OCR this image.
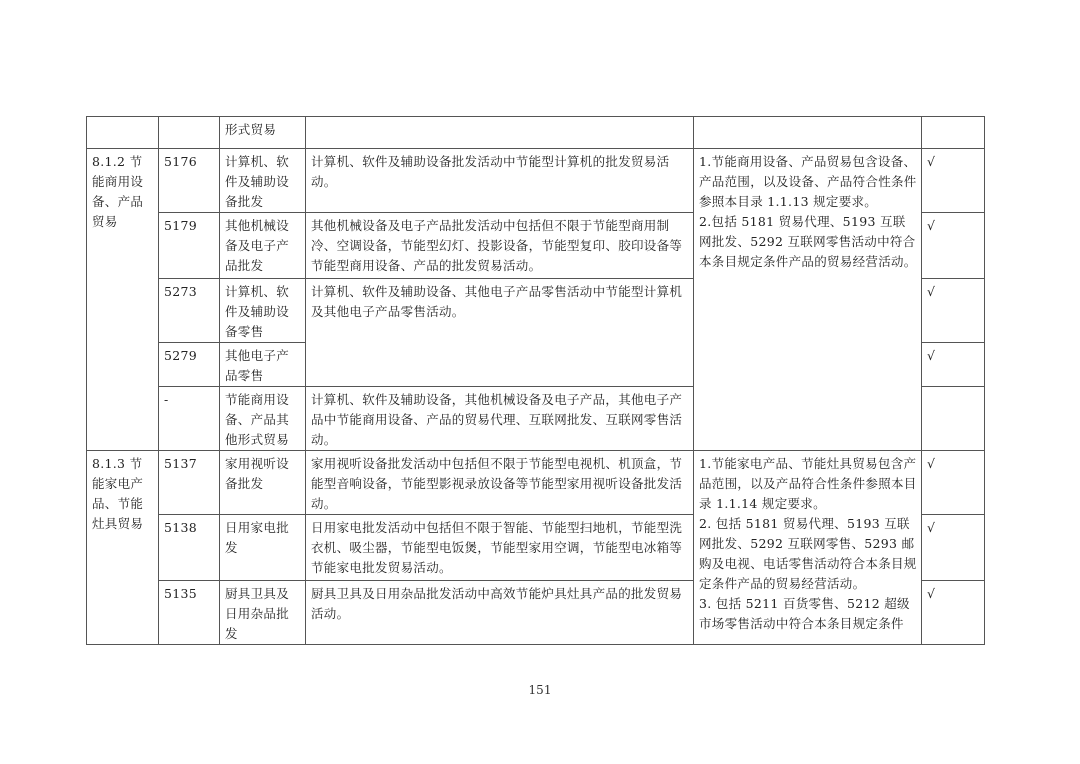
		形式贸易			
8.1.2 节能商用设备、产品贸易	5176	计算机、软件及辅助设备批发	计算机、软件及辅助设备批发活动中节能型计算机的批发贸易活动。	1.节能商用设备、产品贸易包含设备、产品范围，以及设备、产品符合性条件参照本目录 1.1.13 规定要求。

2.包括 5181 贸易代理、5193 互联网批发、5292 互联网零售活动中符合本条目规定条件产品的贸易经营活动。	√
	5179	其他机械设备及电子产品批发	其他机械设备及电子产品批发活动中包括但不限于节能型商用制冷、空调设备，节能型幻灯、投影设备，节能型复印、胶印设备等节能型商用设备、产品的批发贸易活动。		√
	5273	计算机、软件及辅助设备零售	计算机、软件及辅助设备、其他电子产品零售活动中节能型计算机及其他电子产品零售活动。		√
	5279	其他电子产品零售			√
	-	节能商用设备、产品其他形式贸易	计算机、软件及辅助设备，其他机械设备及电子产品，其他电子产品中节能商用设备、产品的贸易代理、互联网批发、互联网零售活动。		
8.1.3 节能家电产品、节能灶具贸易	5137	家用视听设备批发	家用视听设备批发活动中包括但不限于节能型电视机、机顶盒，节能型音响设备，节能型影视录放设备等节能型家用视听设备批发活动。	1.节能家电产品、节能灶具贸易包含产品范围，以及产品符合性条件参照本目录 1.1.14 规定要求。

2. 包括 5181 贸易代理、5193 互联网批发、5292 互联网零售、5293 邮购及电视、电话零售活动符合本条目规定条件产品的贸易经营活动。

3. 包括 5211 百货零售、5212 超级市场零售活动中符合本条目规定条件	√
	5138	日用家电批发	日用家电批发活动中包括但不限于智能、节能型扫地机，节能型洗衣机、吸尘器，节能型电饭煲，节能型家用空调，节能型电冰箱等节能家电批发贸易活动。		√
	5135	厨具卫具及日用杂品批发	厨具卫具及日用杂品批发活动中高效节能炉具灶具产品的批发贸易活动。		√
151
